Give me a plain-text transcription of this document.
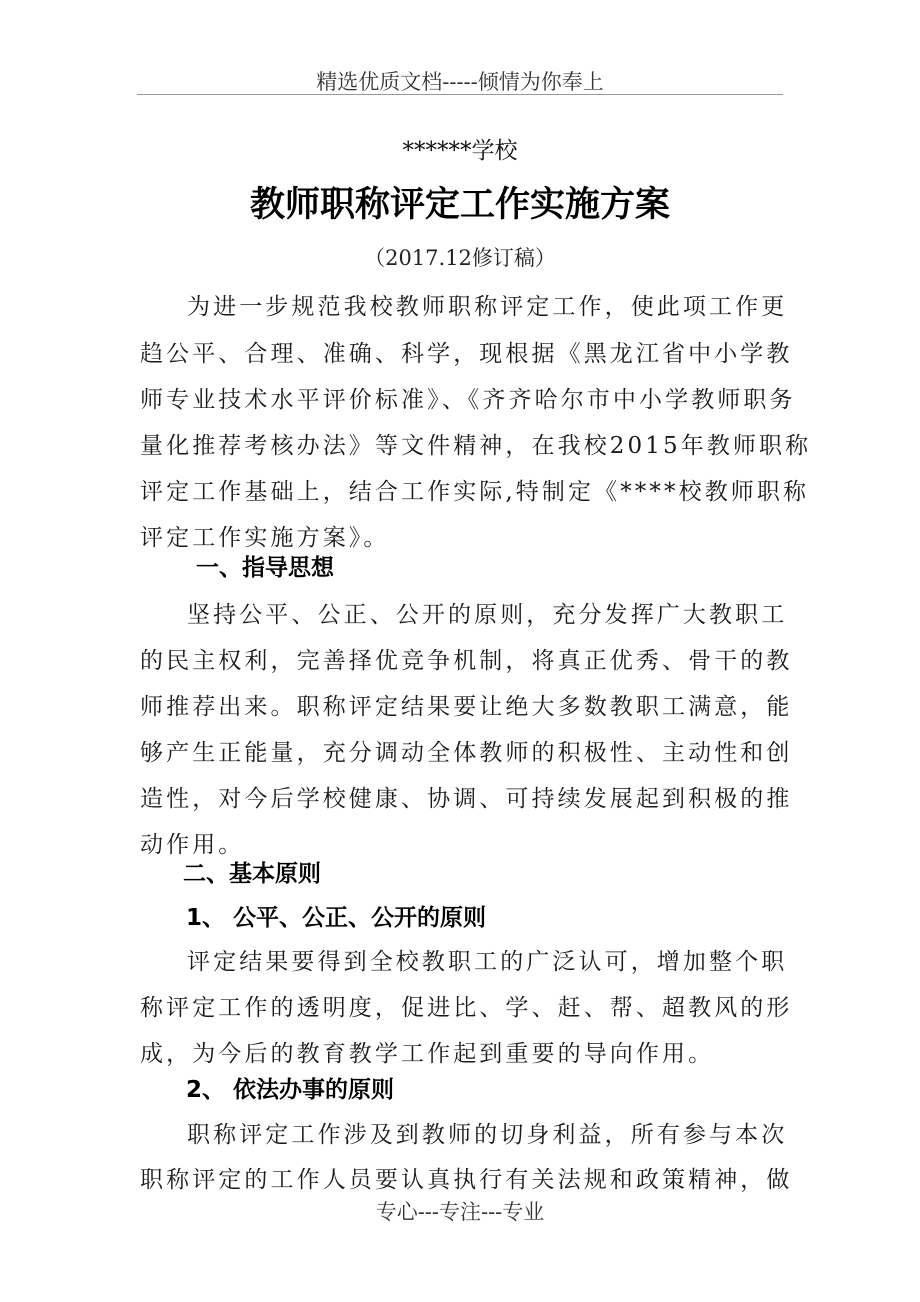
精选优质文档-----倾情为你奉上
******学校
教师职称评定工作实施方案
（2017.12修订稿）
为进一步规范我校教师职称评定工作，使此项工作更
趋公平、合理、准确、科学，现根据《黑龙江省中小学教
师专业技术水平评价标准》、《齐齐哈尔市中小学教师职务
量化推荐考核办法》等文件精神，在我校2015年教师职称
评定工作基础上，结合工作实际,特制定《****校教师职称
评定工作实施方案》。
一、指导思想
坚持公平、公正、公开的原则，充分发挥广大教职工
的民主权利，完善择优竞争机制，将真正优秀、骨干的教
师推荐出来。职称评定结果要让绝大多数教职工满意，能
够产生正能量，充分调动全体教师的积极性、主动性和创
造性，对今后学校健康、协调、可持续发展起到积极的推
动作用。
二、基本原则
1、 公平、公正、公开的原则
评定结果要得到全校教职工的广泛认可，增加整个职
称评定工作的透明度，促进比、学、赶、帮、超教风的形
成，为今后的教育教学工作起到重要的导向作用。
2、 依法办事的原则
职称评定工作涉及到教师的切身利益，所有参与本次
职称评定的工作人员要认真执行有关法规和政策精神，做
专心---专注---专业
